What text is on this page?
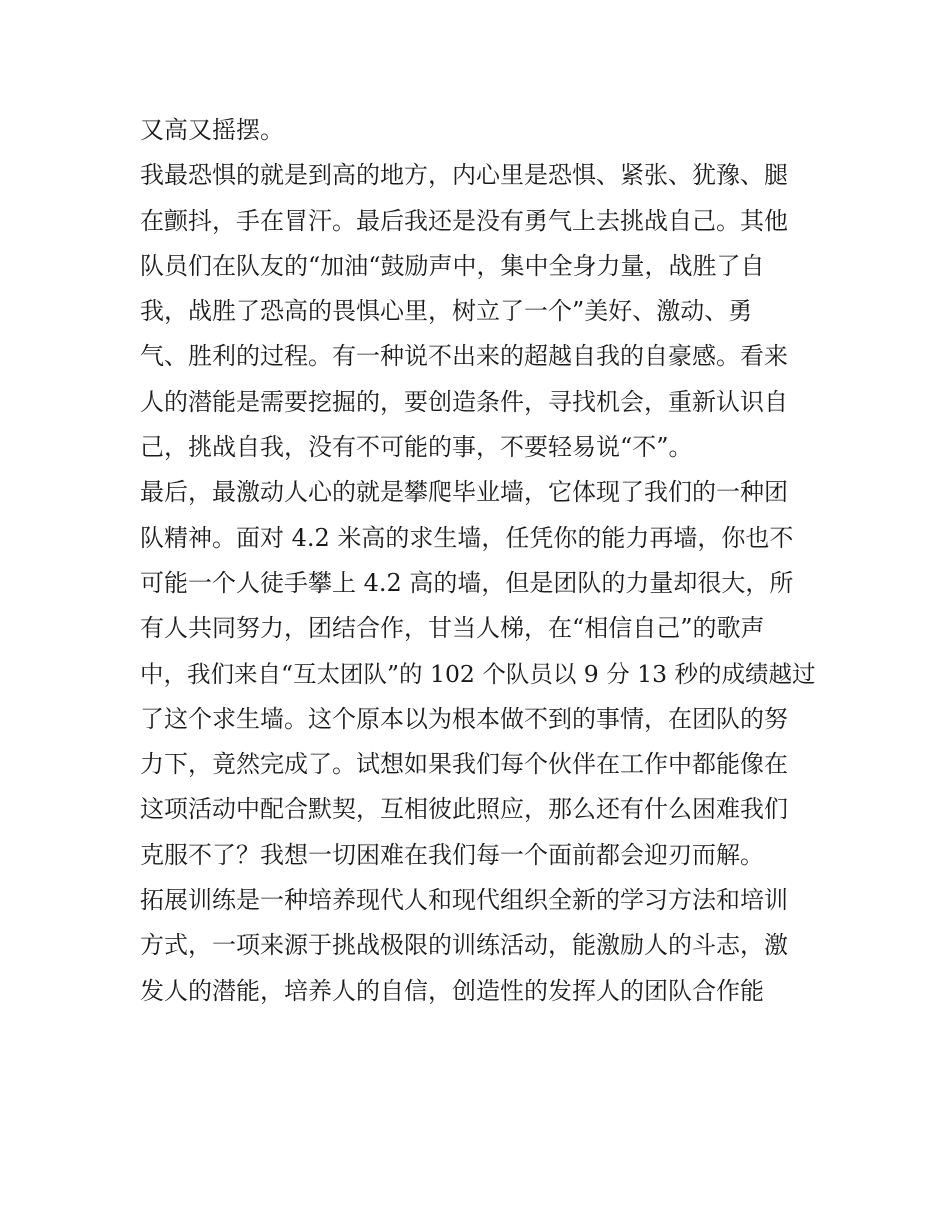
又高又摇摆。
我最恐惧的就是到高的地方，内心里是恐惧、紧张、犹豫、腿
在颤抖，手在冒汗。最后我还是没有勇气上去挑战自己。其他
队员们在队友的“加油“鼓励声中，集中全身力量，战胜了自
我，战胜了恐高的畏惧心里，树立了一个”美好、激动、勇
气、胜利的过程。有一种说不出来的超越自我的自豪感。看来
人的潜能是需要挖掘的，要创造条件，寻找机会，重新认识自
己，挑战自我，没有不可能的事，不要轻易说“不”。
最后，最激动人心的就是攀爬毕业墙，它体现了我们的一种团
队精神。面对 4.2 米高的求生墙，任凭你的能力再墙，你也不
可能一个人徒手攀上 4.2 高的墙，但是团队的力量却很大，所
有人共同努力，团结合作，甘当人梯，在“相信自己”的歌声
中，我们来自“互太团队”的 102 个队员以 9 分 13 秒的成绩越过
了这个求生墙。这个原本以为根本做不到的事情，在团队的努
力下，竟然完成了。试想如果我们每个伙伴在工作中都能像在
这项活动中配合默契，互相彼此照应，那么还有什么困难我们
克服不了？我想一切困难在我们每一个面前都会迎刃而解。
拓展训练是一种培养现代人和现代组织全新的学习方法和培训
方式，一项来源于挑战极限的训练活动，能激励人的斗志，激
发人的潜能，培养人的自信，创造性的发挥人的团队合作能
